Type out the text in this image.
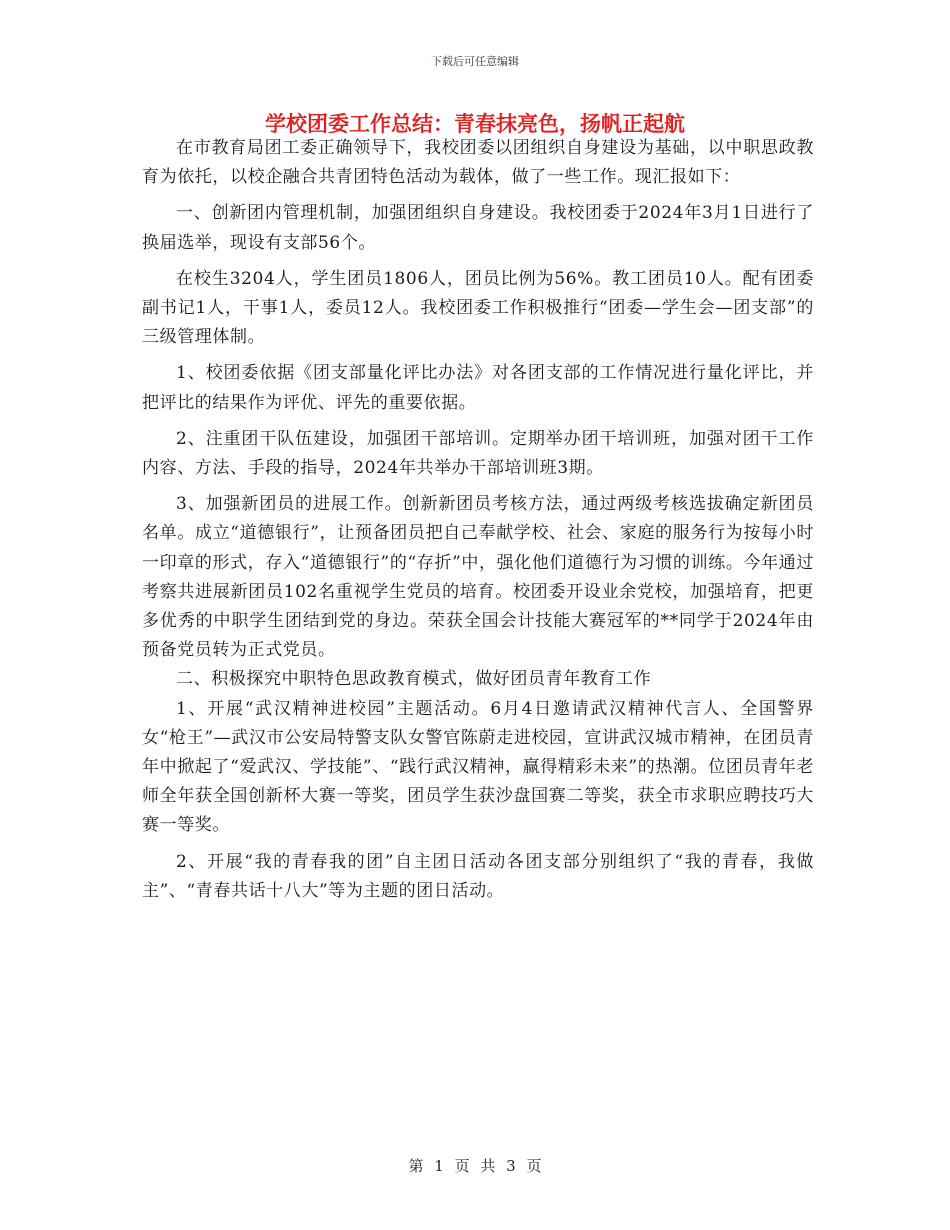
下载后可任意编辑
学校团委工作总结：青春抹亮色，扬帆正起航

在市教育局团工委正确领导下，我校团委以团组织自身建设为基础，以中职思政教育为依托，以校企融合共青团特色活动为载体，做了一些工作。现汇报如下：

一、创新团内管理机制，加强团组织自身建设。我校团委于2024年3月1日进行了换届选举，现设有支部56个。

在校生3204人，学生团员1806人，团员比例为56%。教工团员10人。配有团委副书记1人，干事1人，委员12人。我校团委工作积极推行“团委—学生会—团支部”的三级管理体制。

1、校团委依据《团支部量化评比办法》对各团支部的工作情况进行量化评比，并把评比的结果作为评优、评先的重要依据。

2、注重团干队伍建设，加强团干部培训。定期举办团干培训班，加强对团干工作内容、方法、手段的指导，2024年共举办干部培训班3期。

3、加强新团员的进展工作。创新新团员考核方法，通过两级考核选拔确定新团员名单。成立“道德银行”，让预备团员把自己奉献学校、社会、家庭的服务行为按每小时一印章的形式，存入“道德银行”的“存折”中，强化他们道德行为习惯的训练。今年通过考察共进展新团员102名重视学生党员的培育。校团委开设业余党校，加强培育，把更多优秀的中职学生团结到党的身边。荣获全国会计技能大赛冠军的**同学于2024年由预备党员转为正式党员。

二、积极探究中职特色思政教育模式，做好团员青年教育工作

1、开展“武汉精神进校园”主题活动。6月4日邀请武汉精神代言人、全国警界女“枪王”—武汉市公安局特警支队女警官陈蔚走进校园，宣讲武汉城市精神，在团员青年中掀起了“爱武汉、学技能”、“践行武汉精神，赢得精彩未来”的热潮。位团员青年老师全年获全国创新杯大赛一等奖，团员学生获沙盘国赛二等奖，获全市求职应聘技巧大赛一等奖。

2、开展“我的青春我的团”自主团日活动各团支部分别组织了“我的青春，我做主”、“青春共话十八大”等为主题的团日活动。

第 1 页 共 3 页
